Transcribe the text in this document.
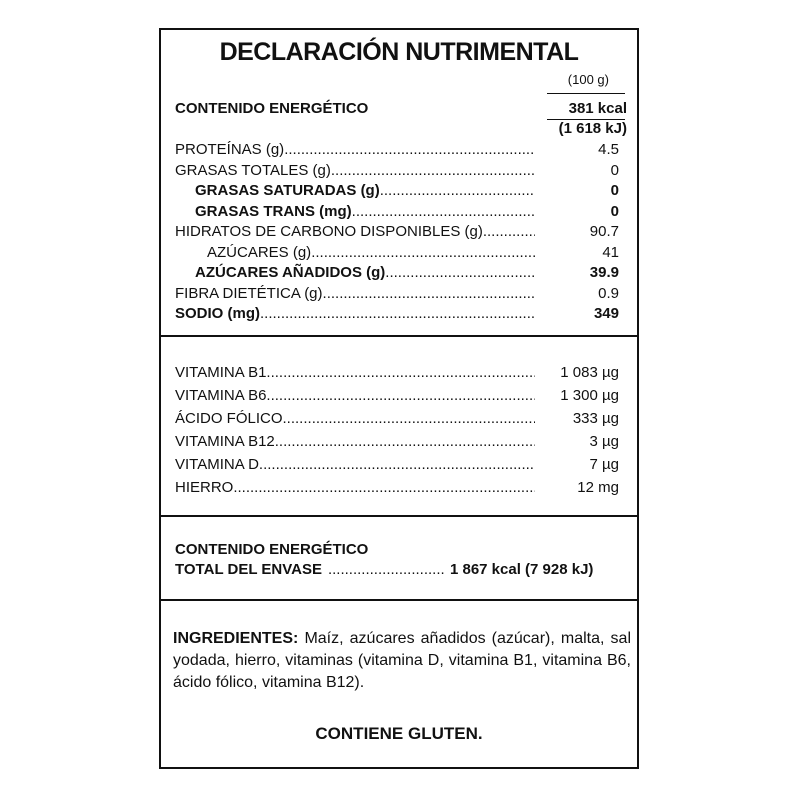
DECLARACIÓN NUTRIMENTAL
(100 g)
CONTENIDO ENERGÉTICO	381 kcal
(1 618 kJ)
PROTEÍNAS (g) .....	4.5
GRASAS TOTALES (g) .....	0
GRASAS SATURADAS (g) .....	0
GRASAS TRANS (mg) .....	0
HIDRATOS DE CARBONO DISPONIBLES (g) .....	90.7
AZÚCARES (g) .....	41
AZÚCARES AÑADIDOS (g) .....	39.9
FIBRA DIETÉTICA (g) .....	0.9
SODIO (mg) .....	349
VITAMINA B1 .....	1 083 µg
VITAMINA B6 .....	1 300 µg
ÁCIDO FÓLICO .....	333 µg
VITAMINA B12 .....	3 µg
VITAMINA D .....	7 µg
HIERRO .....	12 mg
CONTENIDO ENERGÉTICO
TOTAL DEL ENVASE .....	1 867 kcal (7 928 kJ)
INGREDIENTES: Maíz, azúcares añadidos (azúcar), malta, sal yodada, hierro, vitaminas (vitamina D, vitamina B1, vitamina B6, ácido fólico, vitamina B12).
CONTIENE GLUTEN.
